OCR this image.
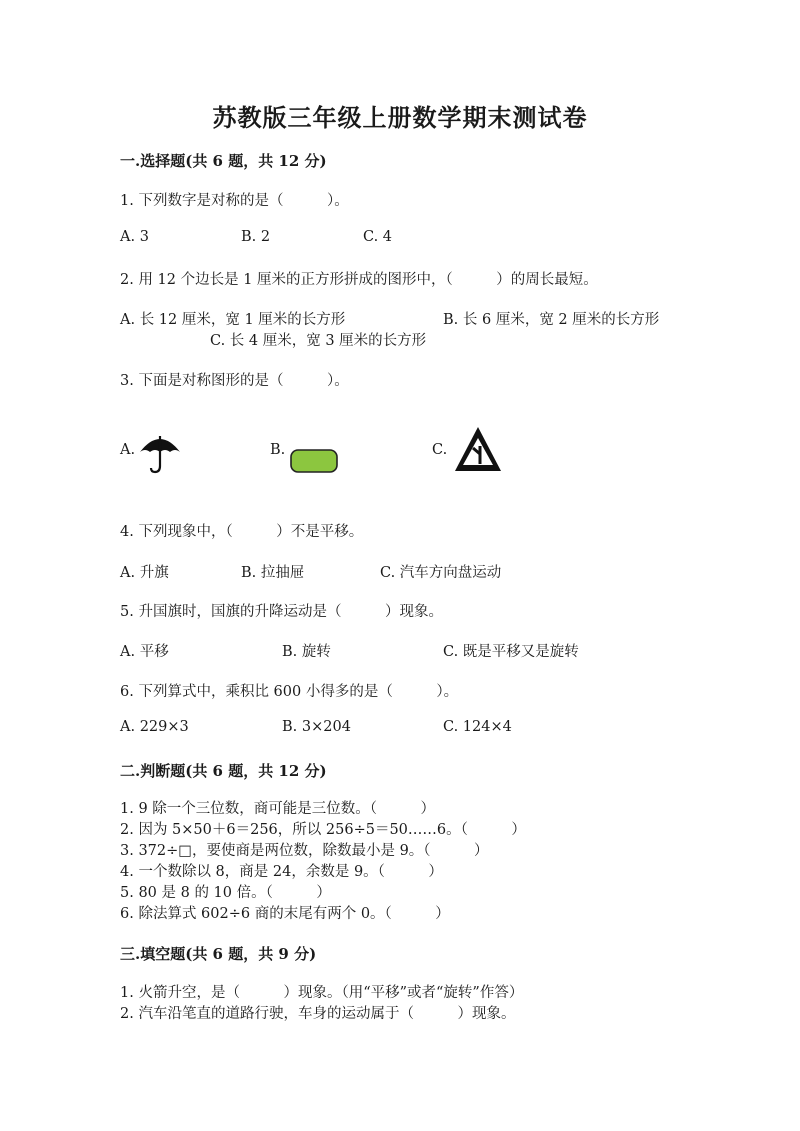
苏教版三年级上册数学期末测试卷
一.选择题(共 6 题，共 12 分)
1. 下列数字是对称的是（　　　）。
A. 3	B. 2	C. 4
2. 用 12 个边长是 1 厘米的正方形拼成的图形中，（　　　）的周长最短。
A. 长 12 厘米，宽 1 厘米的长方形	B. 长 6 厘米，宽 2 厘米的长方形
C. 长 4 厘米，宽 3 厘米的长方形
3. 下面是对称图形的是（　　　）。
A.	B.	C.
4. 下列现象中，（　　　）不是平移。
A. 升旗	B. 拉抽屉	C. 汽车方向盘运动
5. 升国旗时，国旗的升降运动是（　　　）现象。
A. 平移	B. 旋转	C. 既是平移又是旋转
6. 下列算式中，乘积比 600 小得多的是（　　　）。
A. 229×3	B. 3×204	C. 124×4
二.判断题(共 6 题，共 12 分)
1. 9 除一个三位数，商可能是三位数。（　　　）
2. 因为 5×50＋6＝256，所以 256÷5＝50……6。（　　　）
3. 372÷□，要使商是两位数，除数最小是 9。（　　　）
4. 一个数除以 8，商是 24，余数是 9。（　　　）
5. 80 是 8 的 10 倍。（　　　）
6. 除法算式 602÷6 商的末尾有两个 0。（　　　）
三.填空题(共 6 题，共 9 分)
1. 火箭升空，是（　　　）现象。（用“平移”或者“旋转”作答）
2. 汽车沿笔直的道路行驶，车身的运动属于（　　　）现象。
